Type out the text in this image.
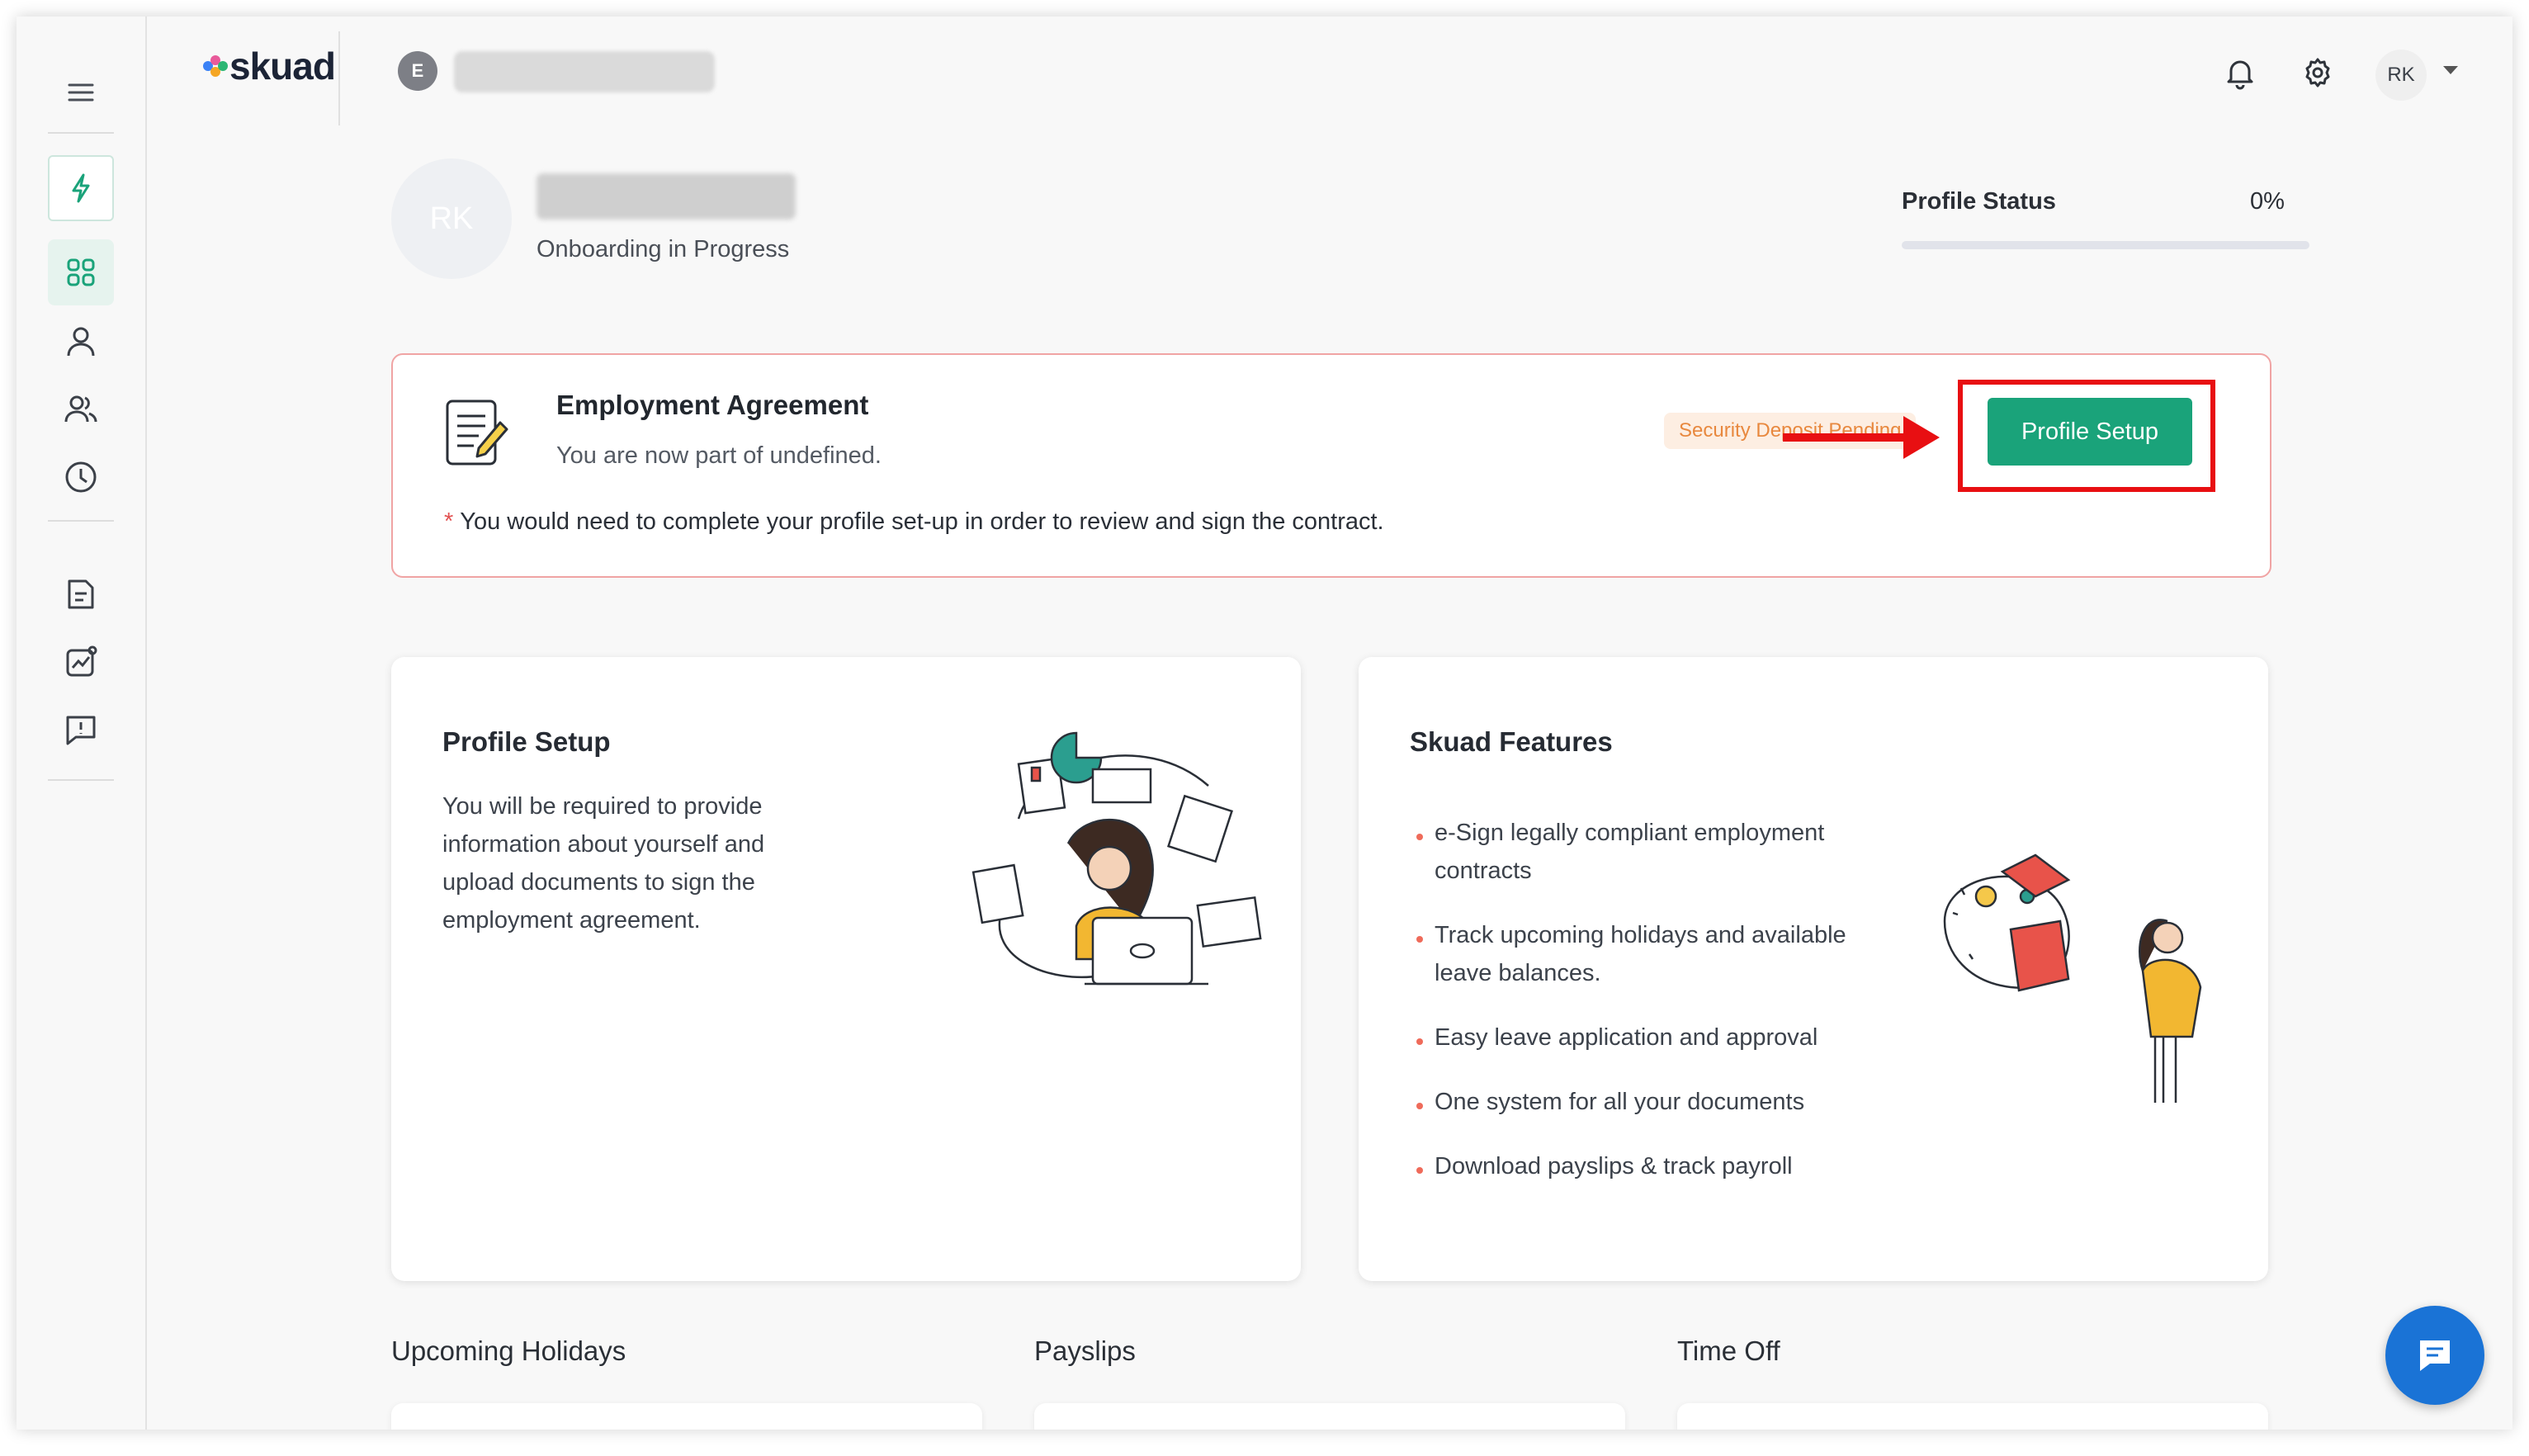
skuad	E	RK
RK
Onboarding in Progress
Profile Status	0%
Employment Agreement
You are now part of undefined.
Security Deposit Pending	Profile Setup
* You would need to complete your profile set-up in order to review and sign the contract.
Profile Setup
You will be required to provide information about yourself and upload documents to sign the employment agreement.
Skuad Features
e-Sign legally compliant employment contracts
Track upcoming holidays and available leave balances.
Easy leave application and approval
One system for all your documents
Download payslips & track payroll
Upcoming Holidays	Payslips	Time Off
